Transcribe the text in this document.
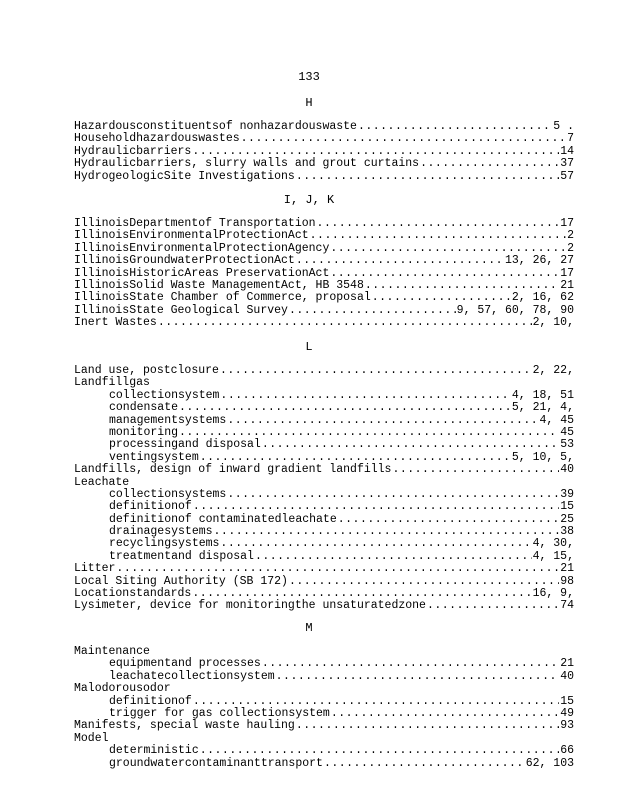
133
H
Hazardousconstituentsof nonhazardouswaste .....	5 .
Householdhazardouswastes .....	7
Hydraulicbarriers .....	14
Hydraulicbarriers, slurry walls and grout curtains .....	37
HydrogeologicSite Investigations .....	57
I, J, K
IllinoisDepartmentof Transportation .....	17
IllinoisEnvironmentalProtectionAct .....	2
IllinoisEnvironmentalProtectionAgency .....	2
IllinoisGroundwaterProtectionAct .....	13, 26, 27
IllinoisHistoricAreas PreservationAct .....	17
IllinoisSolid Waste ManagementAct, HB 3548 .....	21
IllinoisState Chamber of Commerce, proposal .....	2, 16, 62
IllinoisState Geological Survey .....	9, 57, 60, 78, 90
Inert Wastes .....	2, 10,
L
Land use, postclosure .....	2, 22,
Landfillgas
collectionsystem .....	4, 18, 51
condensate .....	5, 21, 4,
managementsystems .....	4, 45
monitoring .....	45
processingand disposal .....	53
ventingsystem .....	5, 10, 5,
Landfills, design of inward gradient landfills .....	40
Leachate
collectionsystems .....	39
definitionof .....	15
definitionof contaminatedleachate .....	25
drainagesystems .....	38
recyclingsystems .....	4, 30,
treatmentand disposal .....	4, 15,
Litter .....	21
Local Siting Authority (SB 172) .....	98
Locationstandards .....	16, 9,
Lysimeter, device for monitoringthe unsaturatedzone .....	74
M
Maintenance
equipmentand processes .....	21
leachatecollectionsystem .....	40
Malodorousodor
definitionof .....	15
trigger for gas collectionsystem .....	49
Manifests, special waste hauling .....	93
Model
deterministic .....	66
groundwatercontaminanttransport .....	62, 103
